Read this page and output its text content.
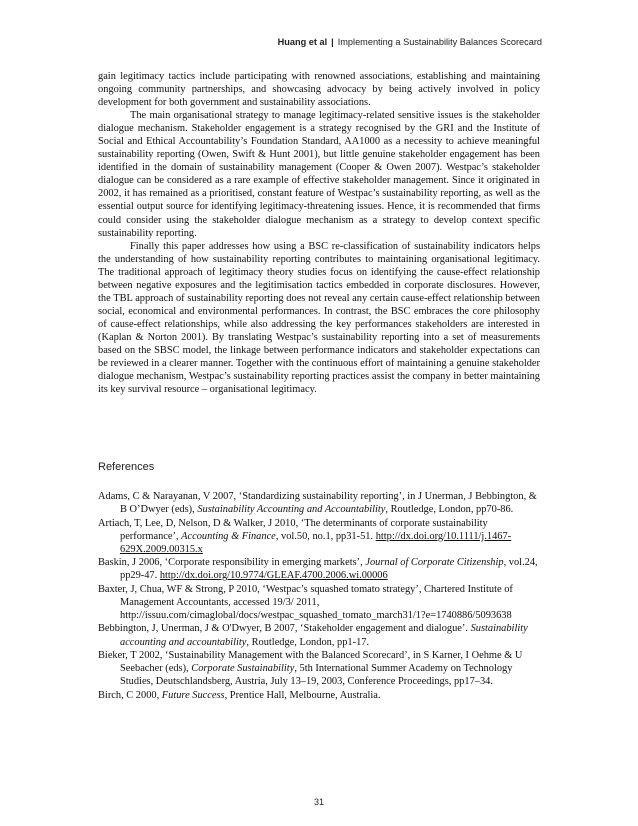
Huang et al | Implementing a Sustainability Balances Scorecard

gain legitimacy tactics include participating with renowned associations, establishing and maintaining ongoing community partnerships, and showcasing advocacy by being actively involved in policy development for both government and sustainability associations.

The main organisational strategy to manage legitimacy-related sensitive issues is the stakeholder dialogue mechanism. Stakeholder engagement is a strategy recognised by the GRI and the Institute of Social and Ethical Accountability’s Foundation Standard, AA1000 as a necessity to achieve meaningful sustainability reporting (Owen, Swift & Hunt 2001), but little genuine stakeholder engagement has been identified in the domain of sustainability management (Cooper & Owen 2007). Westpac’s stakeholder dialogue can be considered as a rare example of effective stakeholder management. Since it originated in 2002, it has remained as a prioritised, constant feature of Westpac’s sustainability reporting, as well as the essential output source for identifying legitimacy-threatening issues. Hence, it is recommended that firms could consider using the stakeholder dialogue mechanism as a strategy to develop context specific sustainability reporting.

Finally this paper addresses how using a BSC re-classification of sustainability indicators helps the understanding of how sustainability reporting contributes to maintaining organisational legitimacy. The traditional approach of legitimacy theory studies focus on identifying the cause-effect relationship between negative exposures and the legitimisation tactics embedded in corporate disclosures. However, the TBL approach of sustainability reporting does not reveal any certain cause-effect relationship between social, economical and environmental performances. In contrast, the BSC embraces the core philosophy of cause-effect relationships, while also addressing the key performances stakeholders are interested in (Kaplan & Norton 2001). By translating Westpac’s sustainability reporting into a set of measurements based on the SBSC model, the linkage between performance indicators and stakeholder expectations can be reviewed in a clearer manner. Together with the continuous effort of maintaining a genuine stakeholder dialogue mechanism, Westpac’s sustainability reporting practices assist the company in better maintaining its key survival resource – organisational legitimacy.

References
Adams, C & Narayanan, V 2007, ‘Standardizing sustainability reporting’, in J Unerman, J Bebbington, & B O’Dwyer (eds), Sustainability Accounting and Accountability, Routledge, London, pp70-86.
Artiach, T, Lee, D, Nelson, D & Walker, J 2010, ‘The determinants of corporate sustainability performance’, Accounting & Finance, vol.50, no.1, pp31-51. http://dx.doi.org/10.1111/j.1467-629X.2009.00315.x
Baskin, J 2006, ‘Corporate responsibility in emerging markets’, Journal of Corporate Citizenship, vol.24, pp29-47. http://dx.doi.org/10.9774/GLEAF.4700.2006.wi.00006
Baxter, J, Chua, WF & Strong, P 2010, ‘Westpac’s squashed tomato strategy’, Chartered Institute of Management Accountants, accessed 19/3/ 2011, http://issuu.com/cimaglobal/docs/westpac_squashed_tomato_march31/1?e=1740886/5093638
Bebbington, J, Unerman, J & O'Dwyer, B 2007, ‘Stakeholder engagement and dialogue’. Sustainability accounting and accountability, Routledge, London, pp1-17.
Bieker, T 2002, ‘Sustainability Management with the Balanced Scorecard’, in S Karner, I Oehme & U Seebacher (eds), Corporate Sustainability, 5th International Summer Academy on Technology Studies, Deutschlandsberg, Austria, July 13–19, 2003, Conference Proceedings, pp17–34.
Birch, C 2000, Future Success, Prentice Hall, Melbourne, Australia.
31
